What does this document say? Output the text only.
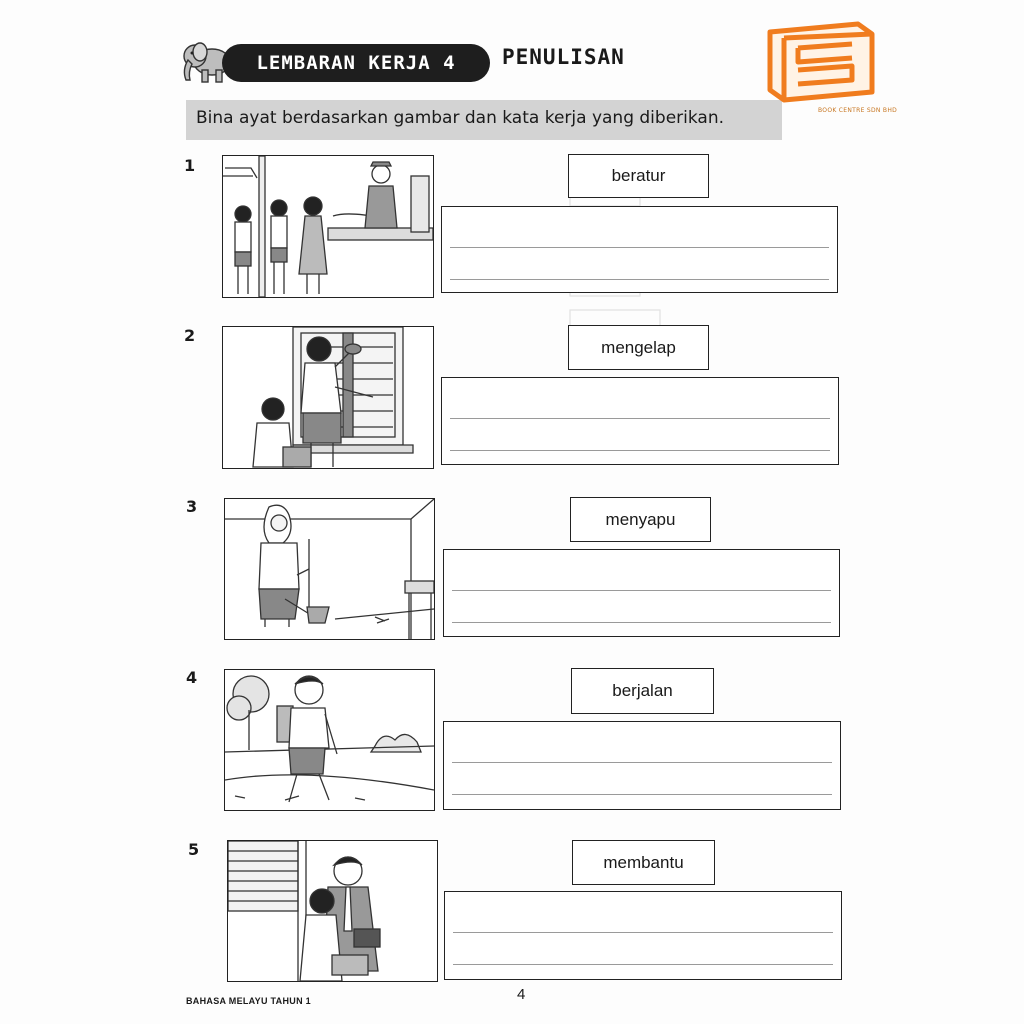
LEMBARAN KERJA 4	PENULISAN
Bina ayat berdasarkan gambar dan kata kerja yang diberikan.	BOOK CENTRE SDN BHD
1
beratur
2
mengelap
3
menyapu
4
berjalan
5
membantu
BAHASA MELAYU TAHUN 1	4
